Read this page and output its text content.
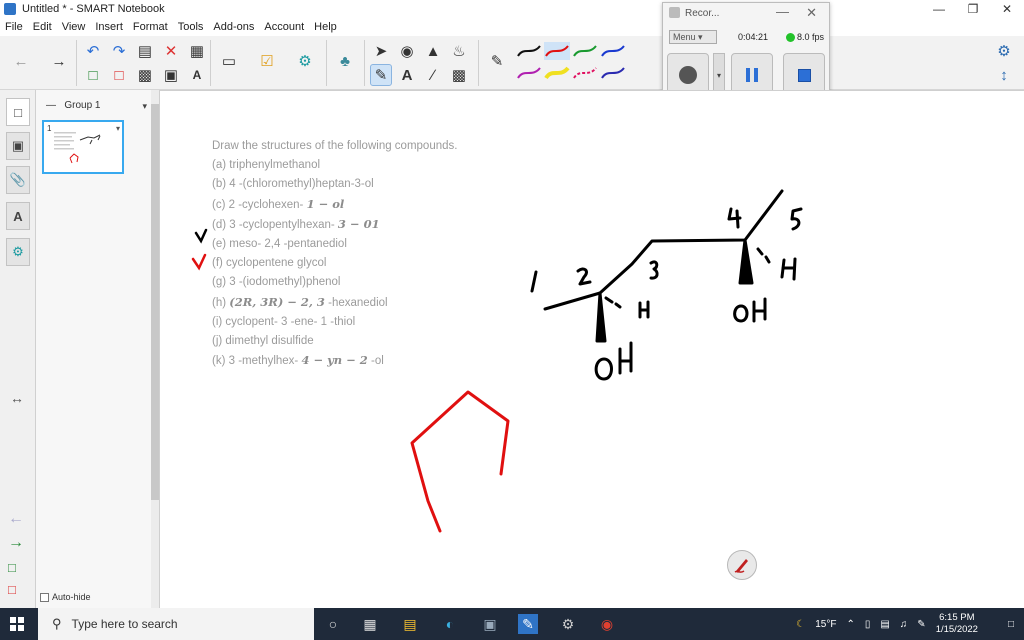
Untitled * - SMART Notebook	—	❐	✕
File Edit View Insert Format Tools Add-ons Account Help
← →
↶ ↷ ▤ ✕ ▦
□	□ ▩ ▣	A
▭ ☑ ⚙	♣
➤ ◉ ▲ ♨
✎ A	∕	▩
✎
⚙
↕
Recor...	— ✕
Menu ▾	0:04:21	8.0 fps
▾
□
▣
📎
A
⚙
↔
←
→
□
□
—   Group 1	▾
1	▾
Auto-hide
Draw the structures of the following compounds.
(a) triphenylmethanol
(b) 4 -(chloromethyl)heptan-3-ol
(c) 2 -cyclohexen- 1 − ol
(d) 3 -cyclopentylhexan- 3 − 01
(e) meso- 2,4 -pentanediol
(f) cyclopentene glycol
(g) 3 -(iodomethyl)phenol
(h) (2R, 3R) − 2, 3 -hexanediol
(i) cyclopent- 3 -ene- 1 -thiol
(j) dimethyl disulfide
(k) 3 -methylhex- 4 − yn − 2 -ol
⚲ Type here to search	○	▦ ▤	◐	▣ ✎ ⚙ ◉	☾ 15°F ⌃ ▯ ▤ ♫ ✎
6:15 PM
1/15/2022	□
